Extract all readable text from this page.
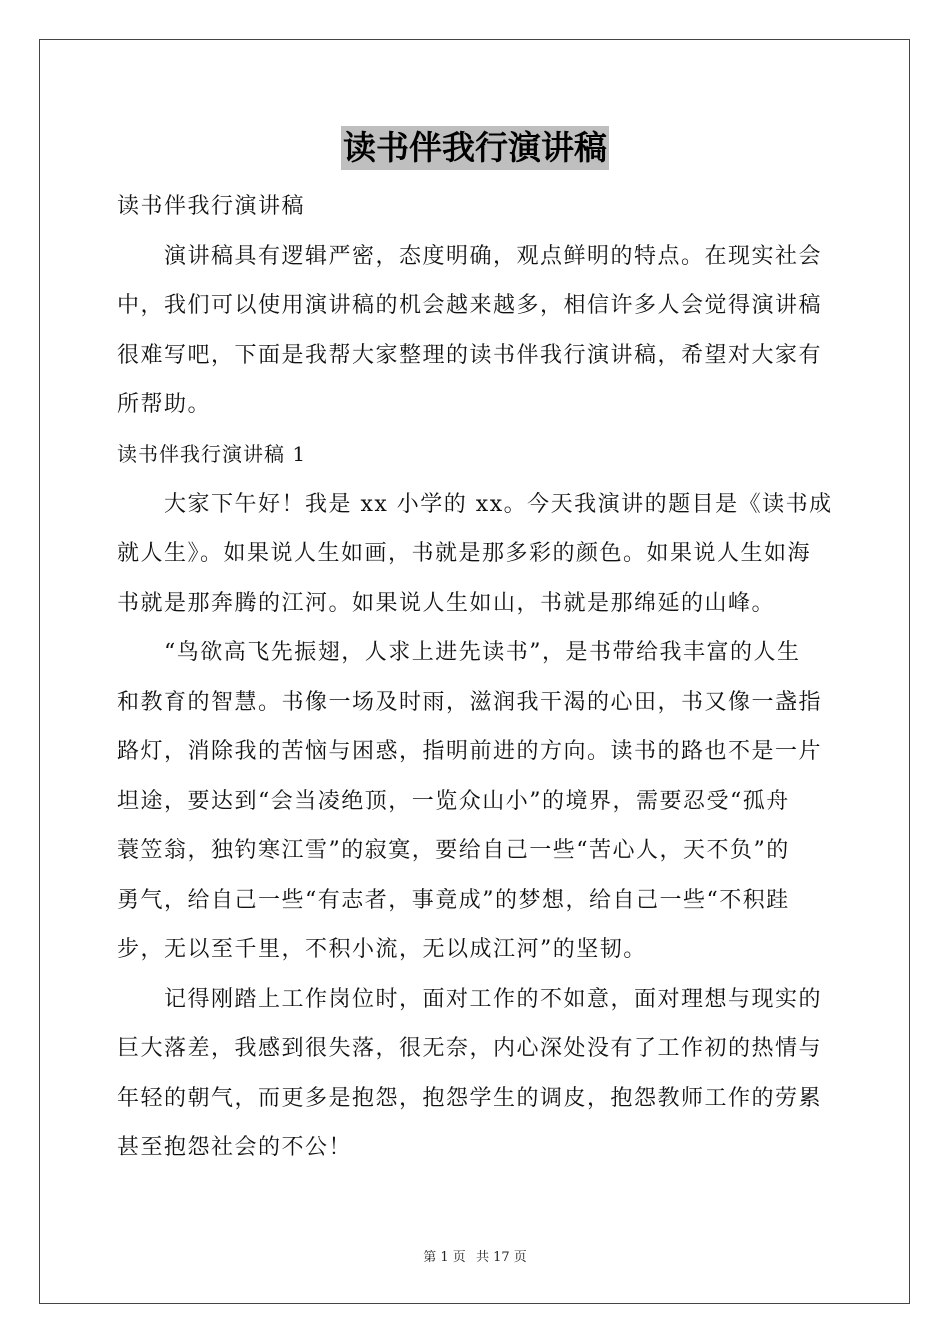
读书伴我行演讲稿
读书伴我行演讲稿
　　演讲稿具有逻辑严密，态度明确，观点鲜明的特点。在现实社会
中，我们可以使用演讲稿的机会越来越多，相信许多人会觉得演讲稿
很难写吧，下面是我帮大家整理的读书伴我行演讲稿，希望对大家有
所帮助。
读书伴我行演讲稿 1
　　大家下午好！我是 xx 小学的 xx。今天我演讲的题目是《读书成
就人生》。如果说人生如画，书就是那多彩的颜色。如果说人生如海
书就是那奔腾的江河。如果说人生如山，书就是那绵延的山峰。
　　“鸟欲高飞先振翅，人求上进先读书”，是书带给我丰富的人生
和教育的智慧。书像一场及时雨，滋润我干渴的心田，书又像一盏指
路灯，消除我的苦恼与困惑，指明前进的方向。读书的路也不是一片
坦途，要达到“会当凌绝顶，一览众山小”的境界，需要忍受“孤舟
蓑笠翁，独钓寒江雪”的寂寞，要给自己一些“苦心人，天不负”的
勇气，给自己一些“有志者，事竟成”的梦想，给自己一些“不积跬
步，无以至千里，不积小流，无以成江河”的坚韧。
　　记得刚踏上工作岗位时，面对工作的不如意，面对理想与现实的
巨大落差，我感到很失落，很无奈，内心深处没有了工作初的热情与
年轻的朝气，而更多是抱怨，抱怨学生的调皮，抱怨教师工作的劳累
甚至抱怨社会的不公！
第 1 页 共 17 页
